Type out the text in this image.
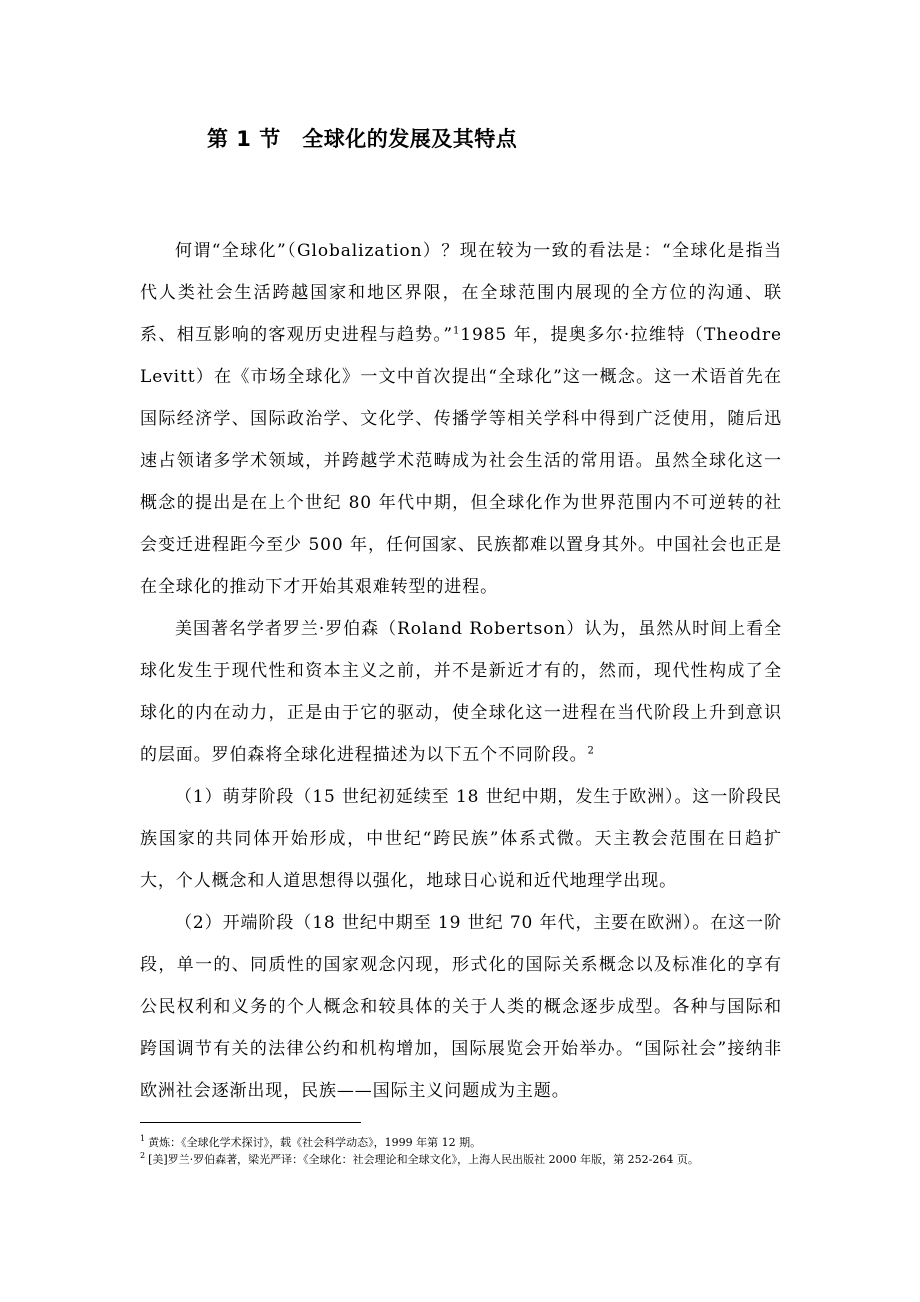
第 1 节　全球化的发展及其特点

何谓“全球化”（Globalization）？现在较为一致的看法是：“全球化是指当代人类社会生活跨越国家和地区界限，在全球范围内展现的全方位的沟通、联系、相互影响的客观历史进程与趋势。”$^1$1985 年，提奥多尔·拉维特（Theodre Levitt）在《市场全球化》一文中首次提出“全球化”这一概念。这一术语首先在国际经济学、国际政治学、文化学、传播学等相关学科中得到广泛使用，随后迅速占领诸多学术领域，并跨越学术范畴成为社会生活的常用语。虽然全球化这一概念的提出是在上个世纪 80 年代中期，但全球化作为世界范围内不可逆转的社会变迁进程距今至少 500 年，任何国家、民族都难以置身其外。中国社会也正是在全球化的推动下才开始其艰难转型的进程。

美国著名学者罗兰·罗伯森（Roland Robertson）认为，虽然从时间上看全球化发生于现代性和资本主义之前，并不是新近才有的，然而，现代性构成了全球化的内在动力，正是由于它的驱动，使全球化这一进程在当代阶段上升到意识的层面。罗伯森将全球化进程描述为以下五个不同阶段。$^2$

（1）萌芽阶段（15 世纪初延续至 18 世纪中期，发生于欧洲）。这一阶段民族国家的共同体开始形成，中世纪“跨民族”体系式微。天主教会范围在日趋扩大，个人概念和人道思想得以强化，地球日心说和近代地理学出现。

（2）开端阶段（18 世纪中期至 19 世纪 70 年代，主要在欧洲）。在这一阶段，单一的、同质性的国家观念闪现，形式化的国际关系概念以及标准化的享有公民权利和义务的个人概念和较具体的关于人类的概念逐步成型。各种与国际和跨国调节有关的法律公约和机构增加，国际展览会开始举办。“国际社会”接纳非欧洲社会逐渐出现，民族——国际主义问题成为主题。

$^1$ 黄炼：《全球化学术探讨》，载《社会科学动态》，1999 年第 12 期。

$^2$ [美]罗兰·罗伯森著，梁光严译：《全球化：社会理论和全球文化》，上海人民出版社 2000 年版，第 252-264 页。
